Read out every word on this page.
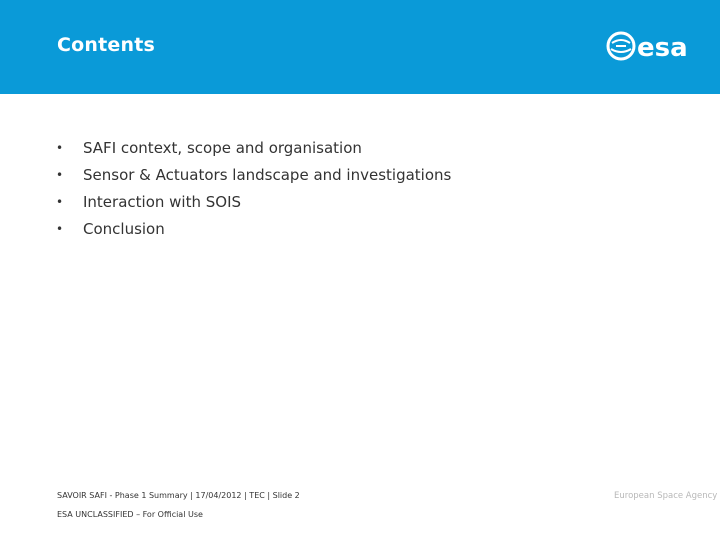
Contents	esa
• SAFI context, scope and organisation
• Sensor & Actuators landscape and investigations
• Interaction with SOIS
• Conclusion
SAVOIR SAFI - Phase 1 Summary | 17/04/2012 | TEC | Slide 2
ESA UNCLASSIFIED – For Official Use
European Space Agency
